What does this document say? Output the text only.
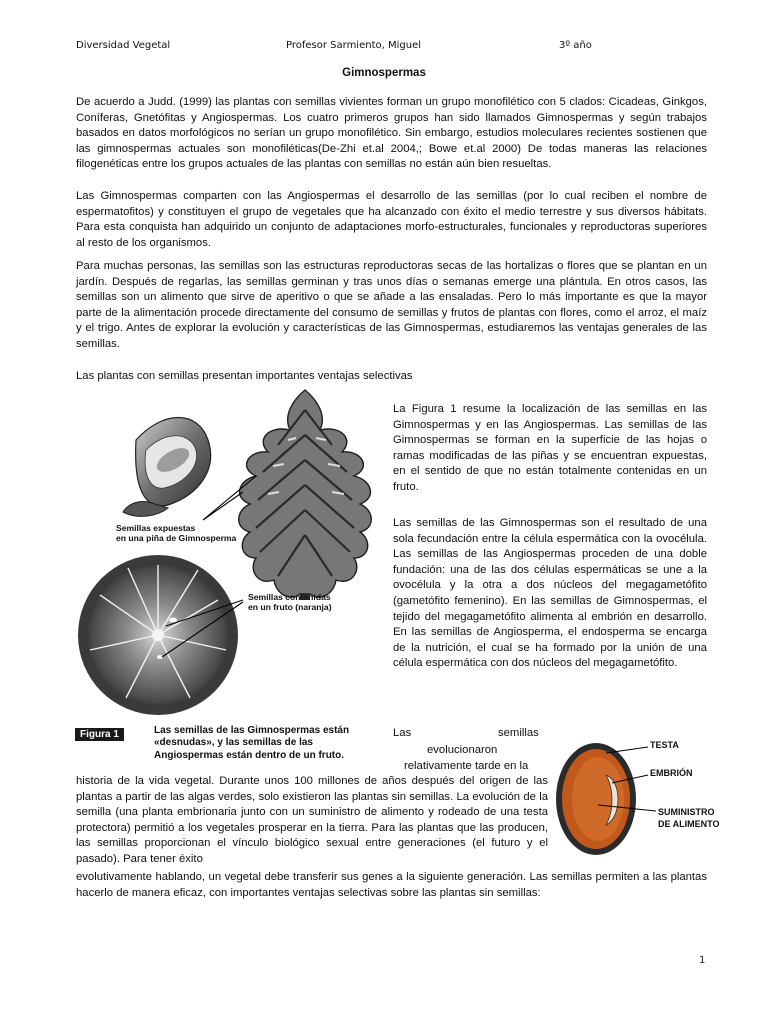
Diversidad Vegetal	Profesor Sarmiento, Miguel	3º año
Gimnospermas

De acuerdo a Judd. (1999) las plantas con semillas vivientes forman un grupo monofilético con 5 clados: Cicadeas, Ginkgos, Coníferas, Gnetófitas y Angiospermas. Los cuatro primeros grupos han sido llamados Gimnospermas y según trabajos basados en datos morfológicos no serían un grupo monofilético. Sin embargo, estudios moleculares recientes sostienen que las gimnospermas actuales son monofiléticas(De-Zhi et.al 2004,; Bowe et.al 2000) De todas maneras las relaciones filogenéticas entre los grupos actuales de las plantas con semillas no están aún bien resueltas.

Las Gimnospermas comparten con las Angiospermas el desarrollo de las semillas (por lo cual reciben el nombre de espermatofitos) y constituyen el grupo de vegetales que ha alcanzado con éxito el medio terrestre y sus diversos hábitats. Para esta conquista han adquirido un conjunto de adaptaciones morfo-estructurales, funcionales y reproductoras superiores al resto de los organismos.

Para muchas personas, las semillas son las estructuras reproductoras secas de las hortalizas o flores que se plantan en un jardín. Después de regarlas, las semillas germinan y tras unos días o semanas emerge una plántula. En otros casos, las semillas son un alimento que sirve de aperitivo o que se añade a las ensaladas. Pero lo más importante es que la mayor parte de la alimentación procede directamente del consumo de semillas y frutos de plantas con flores, como el arroz, el maíz y el trigo. Antes de explorar la evolución y características de las Gimnospermas, estudiaremos las ventajas generales de las semillas.

Las plantas con semillas presentan importantes ventajas selectivas

Semillas expuestas
en una piña de Gimnosperma
Semillas contenidas
en un fruto (naranja)
Figura 1	Las semillas de las Gimnospermas están
«desnudas», y las semillas de las
Angiospermas están dentro de un fruto.

La Figura 1 resume la localización de las semillas en las Gimnospermas y en las Angiospermas. Las semillas de las Gimnospermas se forman en la superficie de las hojas o ramas modificadas de las piñas y se encuentran expuestas, en el sentido de que no están totalmente contenidas en un fruto.

Las semillas de las Gimnospermas son el resultado de una sola fecundación entre la célula espermática con la ovocélula. Las semillas de las Angiospermas proceden de una doble fundación: una de las dos células espermáticas se une a la ovocélula y la otra a dos núcleos del megagametófito (gametófito femenino). En las semillas de Gimnospermas, el tejido del megagametófito alimenta al embrión en desarrollo. En las semillas de Angiosperma, el endosperma se encarga de la nutrición, el cual se ha formado por la unión de una célula espermática con dos núcleos del megagametófito.

Las	semillas
evolucionaron
relativamente tarde en la

historia de la vida vegetal. Durante unos 100 millones de años después del origen de las plantas a partir de las algas verdes, solo existieron las plantas sin semillas. La evolución de la semilla (una planta embrionaria junto con un suministro de alimento y rodeado de una testa protectora) permitió a los vegetales prosperar en la tierra. Para las plantas que las producen, las semillas proporcionan el vínculo biológico sexual entre generaciones (el futuro y el pasado). Para tener éxito

evolutivamente hablando, un vegetal debe transferir sus genes a la siguiente generación. Las semillas permiten a las plantas hacerlo de manera eficaz, con importantes ventajas selectivas sobre las plantas sin semillas:

TESTA
EMBRIÓN
SUMINISTRO
DE ALIMENTO
1
